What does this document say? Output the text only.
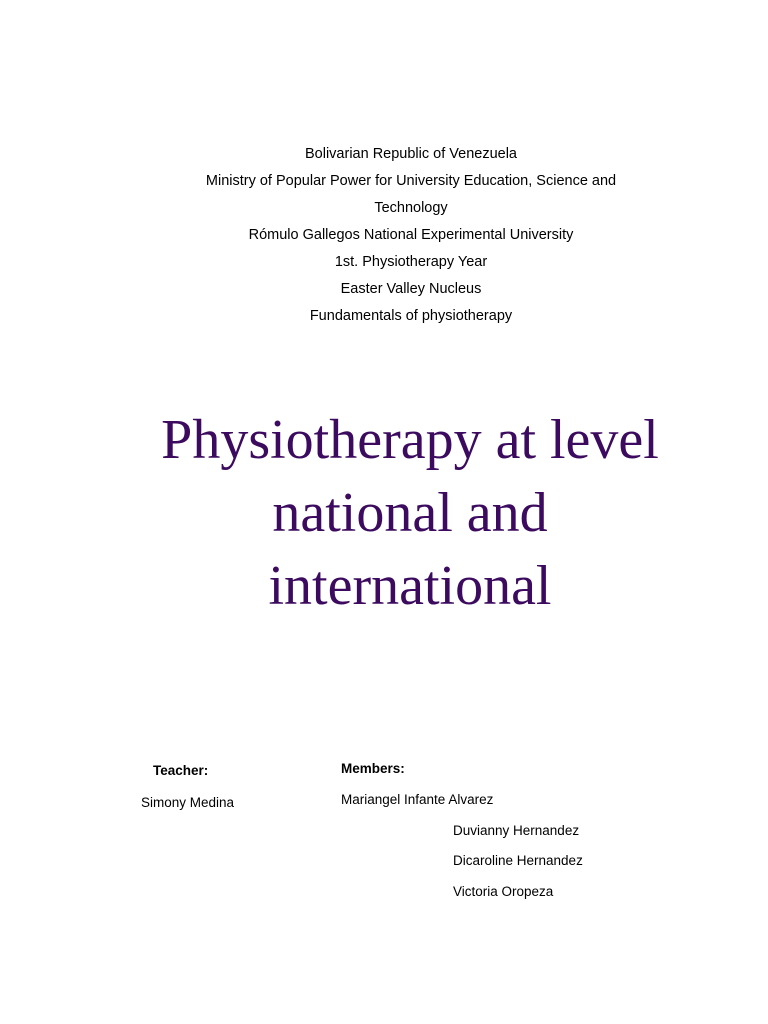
Bolivarian Republic of Venezuela
Ministry of Popular Power for University Education, Science and
Technology
Rómulo Gallegos National Experimental University
1st. Physiotherapy Year
Easter Valley Nucleus
Fundamentals of physiotherapy
Physiotherapy at level
national and
international
Teacher:
Simony Medina
Members:
Mariangel Infante Alvarez
Duvianny Hernandez
Dicaroline Hernandez
Victoria Oropeza
